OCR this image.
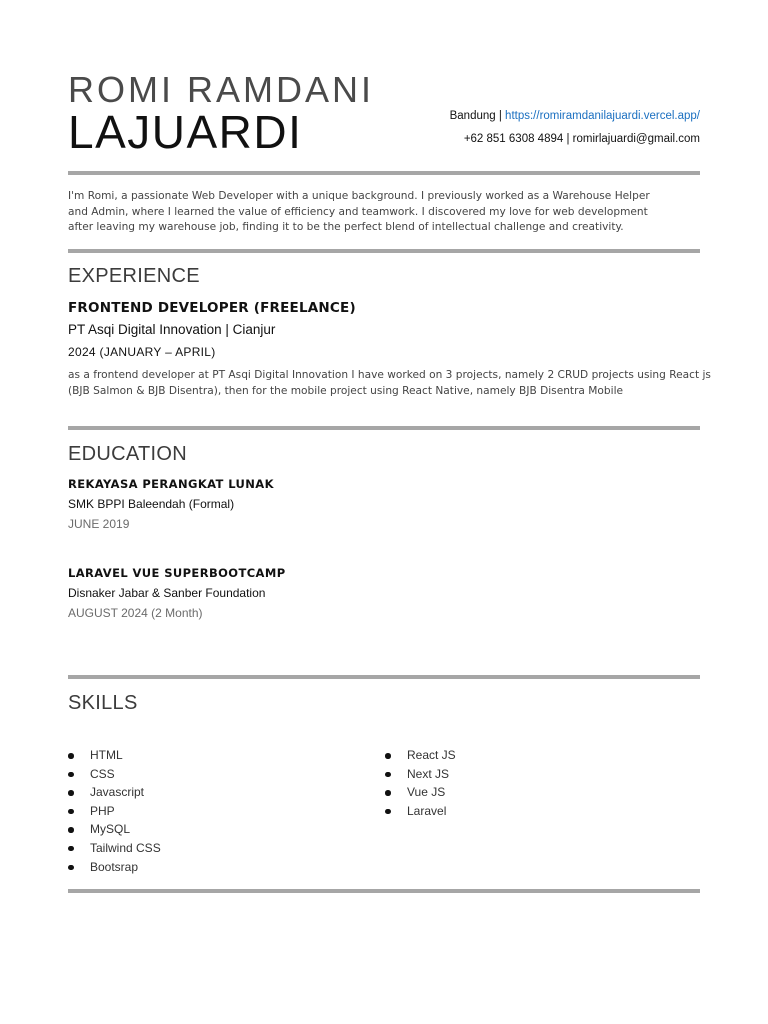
ROMI RAMDANI
LAJUARDI	Bandung | https://romiramdanilajuardi.vercel.app/
+62 851 6308 4894 | romirlajuardi@gmail.com
I'm Romi, a passionate Web Developer with a unique background. I previously worked as a Warehouse Helper
and Admin, where I learned the value of efficiency and teamwork. I discovered my love for web development
after leaving my warehouse job, finding it to be the perfect blend of intellectual challenge and creativity.
EXPERIENCE
FRONTEND DEVELOPER (FREELANCE)
PT Asqi Digital Innovation | Cianjur
2024 (JANUARY – APRIL)
as a frontend developer at PT Asqi Digital Innovation I have worked on 3 projects, namely 2 CRUD projects using React js
(BJB Salmon & BJB Disentra), then for the mobile project using React Native, namely BJB Disentra Mobile
EDUCATION
REKAYASA PERANGKAT LUNAK
SMK BPPI Baleendah (Formal)
JUNE 2019
LARAVEL VUE SUPERBOOTCAMP
Disnaker Jabar & Sanber Foundation
AUGUST 2024 (2 Month)
SKILLS
HTML
CSS
Javascript
PHP
MySQL
Tailwind CSS
Bootsrap
React JS
Next JS
Vue JS
Laravel
